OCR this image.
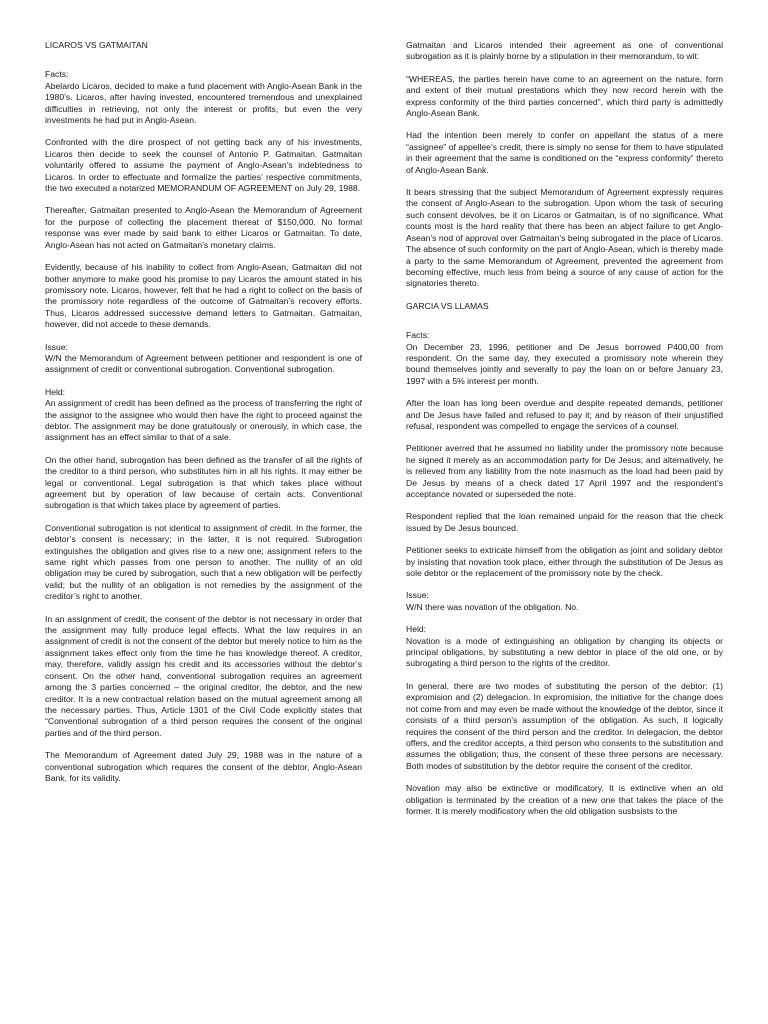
LICAROS VS GATMAITAN
Facts:

Abelardo Licaros, decided to make a fund placement with Anglo-Asean Bank in the 1980’s. Licaros, after having invested, encountered tremendous and unexplained difficulties in retrieving, not only the interest or profits, but even the very investments he had put in Anglo-Asean.

Confronted with the dire prospect of not getting back any of his investments, Licaros then decide to seek the counsel of Antonio P. Gatmaitan. Gatmaitan voluntarily offered to assume the payment of Anglo-Asean’s indebtedness to Licaros. In order to effectuate and formalize the parties’ respective commitments, the two executed a notarized MEMORANDUM OF AGREEMENT on July 29, 1988.

Thereafter, Gatmaitan presented to Anglo-Asean the Memorandum of Agreement for the purpose of collecting the placement thereat of $150,000. No formal response was ever made by said bank to either Licaros or Gatmaitan. To date, Anglo-Asean has not acted on Gatmaitan’s monetary claims.

Evidently, because of his inability to collect from Anglo-Asean, Gatmaitan did not bother anymore to make good his promise to pay Licaros the amount stated in his promissory note. Licaros, however, felt that he had a right to collect on the basis of the promissory note regardless of the outcome of Gatmaitan’s recovery efforts. Thus, Licaros addressed successive demand letters to Gatmaitan. Gatmaitan, however, did not accede to these demands.

Issue:

W/N the Memorandum of Agreement between petitioner and respondent is one of assignment of credit or conventional subrogation. Conventional subrogation.

Held:

An assignment of credit has been defined as the process of transferring the right of the assignor to the assignee who would then have the right to proceed against the debtor. The assignment may be done gratuitously or onerously, in which case, the assignment has an effect similar to that of a sale.

On the other hand, subrogation has been defined as the transfer of all the rights of the creditor to a third person, who substitutes him in all his rights. It may either be legal or conventional. Legal subrogation is that which takes place without agreement but by operation of law because of certain acts. Conventional subrogation is that which takes place by agreement of parties.

Conventional subrogation is not identical to assignment of credit. In the former, the debtor’s consent is necessary; in the latter, it is not required. Subrogation extinguishes the obligation and gives rise to a new one; assignment refers to the same right which passes from one person to another. The nullity of an old obligation may be cured by subrogation, such that a new obligation will be perfectly valid; but the nullity of an obligation is not remedies by the assignment of the creditor’s right to another.

In an assignment of credit, the consent of the debtor is not necessary in order that the assignment may fully produce legal effects. What the law requires in an assignment of credit is not the consent of the debtor but merely notice to him as the assignment takes effect only from the time he has knowledge thereof. A creditor, may, therefore, validly assign his credit and its accessories without the debtor’s consent. On the other hand, conventional subrogation requires an agreement among the 3 parties concerned – the original creditor, the debtor, and the new creditor. It is a new contractual relation based on the mutual agreement among all the necessary parties. Thus, Article 1301 of the Civil Code explicitly states that “Conventional subrogation of a third person requires the consent of the original parties and of the third person.

The Memorandum of Agreement dated July 29, 1988 was in the nature of a conventional subrogation which requires the consent of the debtor, Anglo-Asean Bank, for its validity.

Gatmaitan and Licaros intended their agreement as one of conventional subrogation as it is plainly borne by a stipulation in their memorandum, to wit:

“WHEREAS, the parties herein have come to an agreement on the nature, form and extent of their mutual prestations which they now record herein with the express conformity of the third parties concerned”, which third party is admittedly Anglo-Asean Bank.

Had the intention been merely to confer on appellant the status of a mere “assignee” of appellee’s credit, there is simply no sense for them to have stipulated in their agreement that the same is conditioned on the “express conformity” thereto of Anglo-Asean Bank.

It bears stressing that the subject Memorandum of Agreement expressly requires the consent of Anglo-Asean to the subrogation. Upon whom the task of securing such consent devolves, be it on Licaros or Gatmaitan, is of no significance. What counts most is the hard reality that there has been an abject failure to get Anglo-Asean’s nod of approval over Gatmaitan’s being subrogated in the place of Licaros. The absence of such conformity on the part of Anglo-Asean, which is thereby made a party to the same Memorandum of Agreement, prevented the agreement from becoming effective, much less from being a source of any cause of action for the signatories thereto.

GARCIA VS LLAMAS
Facts:

On December 23, 1996, petitioner and De Jesus borrowed P400,00 from respondent. On the same day, they executed a promissory note wherein they bound themselves jointly and severally to pay the loan on or before January 23, 1997 with a 5% interest per month.

After the loan has long been overdue and despite repeated demands, petitioner and De Jesus have failed and refused to pay it; and by reason of their unjustified refusal, respondent was compelled to engage the services of a counsel.

Petitioner averred that he assumed no liability under the promissory note because he signed it merely as an accommodation party for De Jesus; and alternatively, he is relieved from any liability from the note inasmuch as the load had been paid by De Jesus by means of a check dated 17 April 1997 and the respondent’s acceptance novated or superseded the note.

Respondent replied that the loan remained unpaid for the reason that the check issued by De Jesus bounced.

Petitioner seeks to extricate himself from the obligation as joint and solidary debtor by insisting that novation took place, either through the substitution of De Jesus as sole debtor or the replacement of the promissory note by the check.

Issue:

W/N there was novation of the obligation. No.

Held:

Novation is a mode of extinguishing an obligation by changing its objects or principal obligations, by substituting a new debtor in place of the old one, or by subrogating a third person to the rights of the creditor.

In general, there are two modes of substituting the person of the debtor: (1) expromision and (2) delegacion. In expromision, the initiative for the change does not come from and may even be made without the knowledge of the debtor, since it consists of a third person’s assumption of the obligation. As such, it logically requires the consent of the third person and the creditor. In delegacion, the debtor offers, and the creditor accepts, a third person who consents to the substitution and assumes the obligation; thus, the consent of these three persons are necessary. Both modes of substitution by the debtor require the consent of the creditor.

Novation may also be extinctive or modificatory. It is extinctive when an old obligation is terminated by the creation of a new one that takes the place of the former. It is merely modificatory when the old obligation susbsists to the
